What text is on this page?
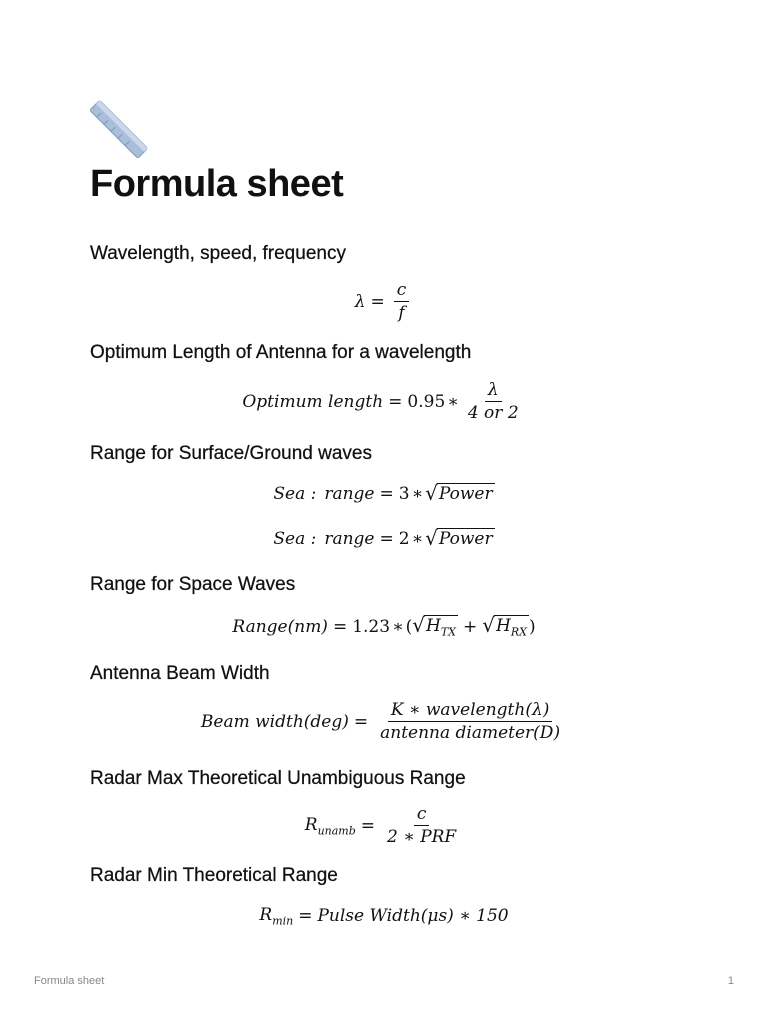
Formula sheet
Wavelength, speed, frequency
$\lambda = \frac{c}{f}$
Optimum Length of Antenna for a wavelength
Optimum length = 0.95 ∗ $\frac{\lambda}{4 or 2}$
Range for Surface/Ground waves
Sea : range = 3 ∗ √ Power
Sea : range = 2 ∗ √ Power
Range for Space Waves
Range(nm) = 1.23 ∗ ( √ $H_{TX}$ + √ $H_{RX}$ )
Antenna Beam Width
Beam width(deg) = $\frac{\text{K ∗ wavelength(λ)}}{\text{antenna diameter(D)}}$
Radar Max Theoretical Unambiguous Range
$R_{unamb} = \frac{c}{\text{2 ∗ PRF}}$
Radar Min Theoretical Range
$R_{min}$ = Pulse Width(μs) ∗ 150
Formula sheet	1
